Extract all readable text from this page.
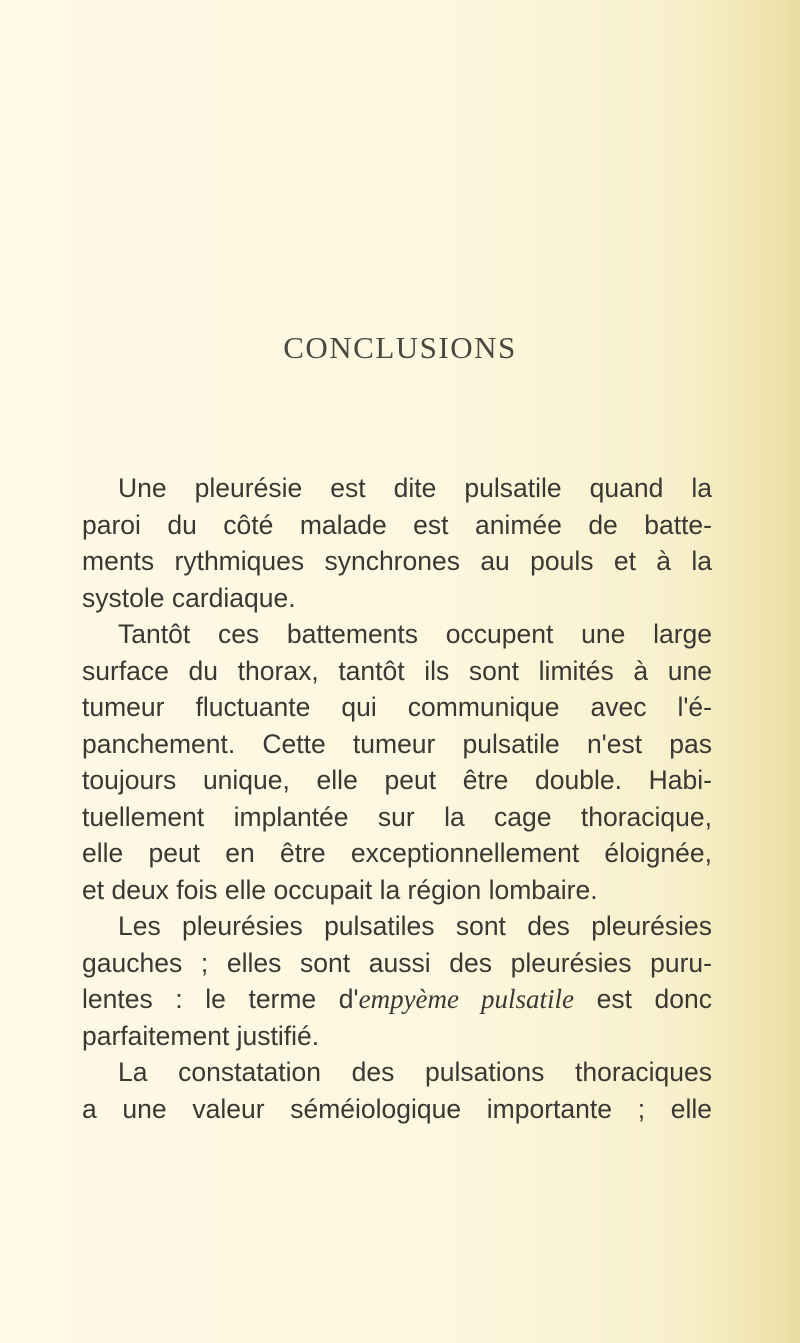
CONCLUSIONS
Une pleurésie est dite pulsatile quand la
paroi du côté malade est animée de batte-
ments rythmiques synchrones au pouls et à la
systole cardiaque.
Tantôt ces battements occupent une large
surface du thorax, tantôt ils sont limités à une
tumeur fluctuante qui communique avec l'é-
panchement. Cette tumeur pulsatile n'est pas
toujours unique, elle peut être double. Habi-
tuellement implantée sur la cage thoracique,
elle peut en être exceptionnellement éloignée,
et deux fois elle occupait la région lombaire.
Les pleurésies pulsatiles sont des pleurésies
gauches ; elles sont aussi des pleurésies puru-
lentes : le terme d'empyème pulsatile est donc
parfaitement justifié.
La constatation des pulsations thoraciques
a une valeur séméiologique importante ; elle
